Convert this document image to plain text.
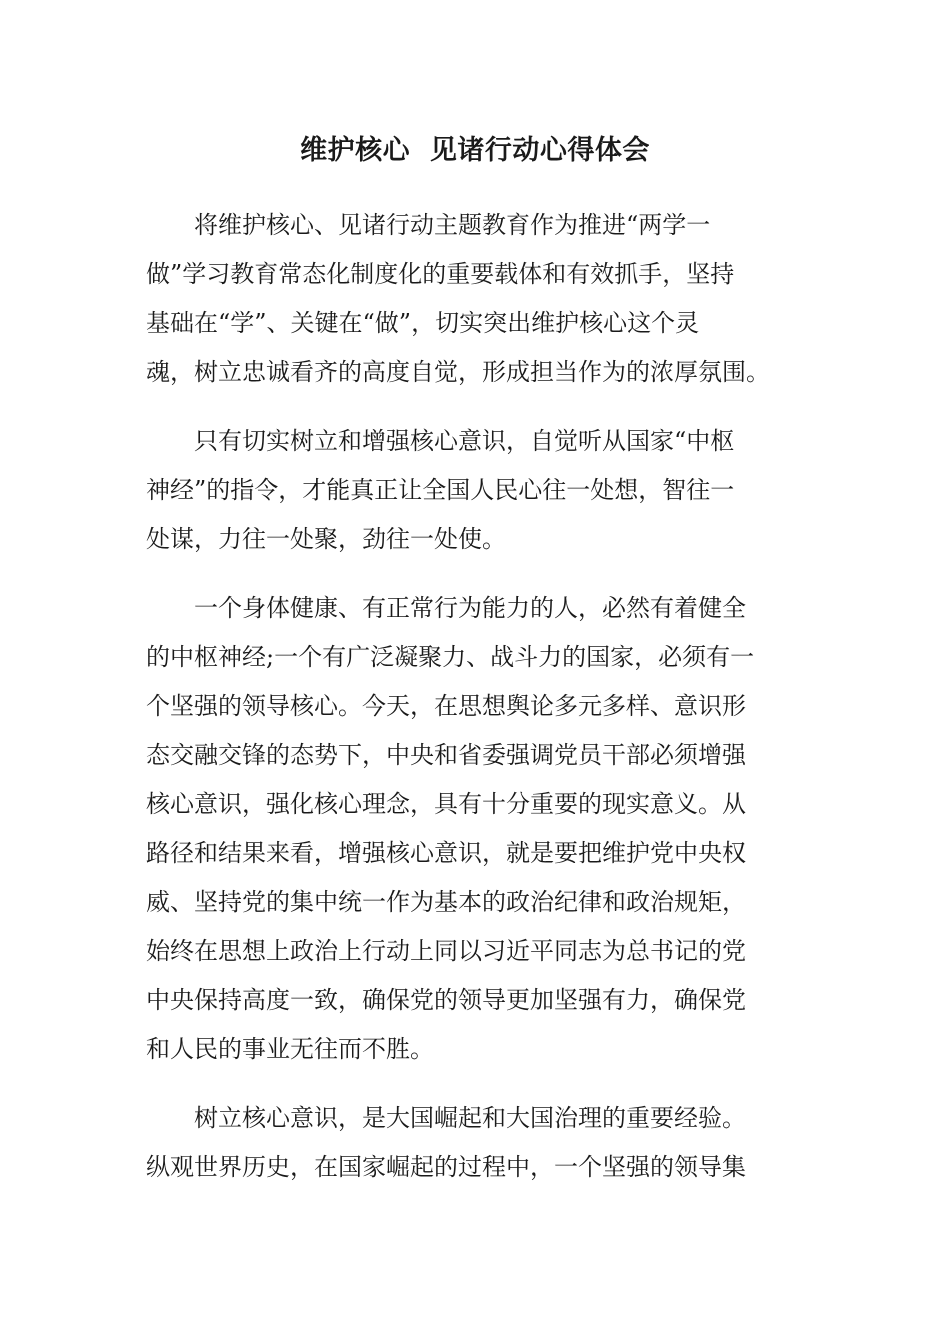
维护核心  见诸行动心得体会

　　将维护核心、见诸行动主题教育作为推进“两学一
做”学习教育常态化制度化的重要载体和有效抓手，坚持
基础在“学”、关键在“做”，切实突出维护核心这个灵
魂，树立忠诚看齐的高度自觉，形成担当作为的浓厚氛围。

　　只有切实树立和增强核心意识，自觉听从国家“中枢
神经”的指令，才能真正让全国人民心往一处想，智往一
处谋，力往一处聚，劲往一处使。

　　一个身体健康、有正常行为能力的人，必然有着健全
的中枢神经;一个有广泛凝聚力、战斗力的国家，必须有一
个坚强的领导核心。今天，在思想舆论多元多样、意识形
态交融交锋的态势下，中央和省委强调党员干部必须增强
核心意识，强化核心理念，具有十分重要的现实意义。从
路径和结果来看，增强核心意识，就是要把维护党中央权
威、坚持党的集中统一作为基本的政治纪律和政治规矩，
始终在思想上政治上行动上同以习近平同志为总书记的党
中央保持高度一致，确保党的领导更加坚强有力，确保党
和人民的事业无往而不胜。

　　树立核心意识，是大国崛起和大国治理的重要经验。
纵观世界历史，在国家崛起的过程中，一个坚强的领导集
